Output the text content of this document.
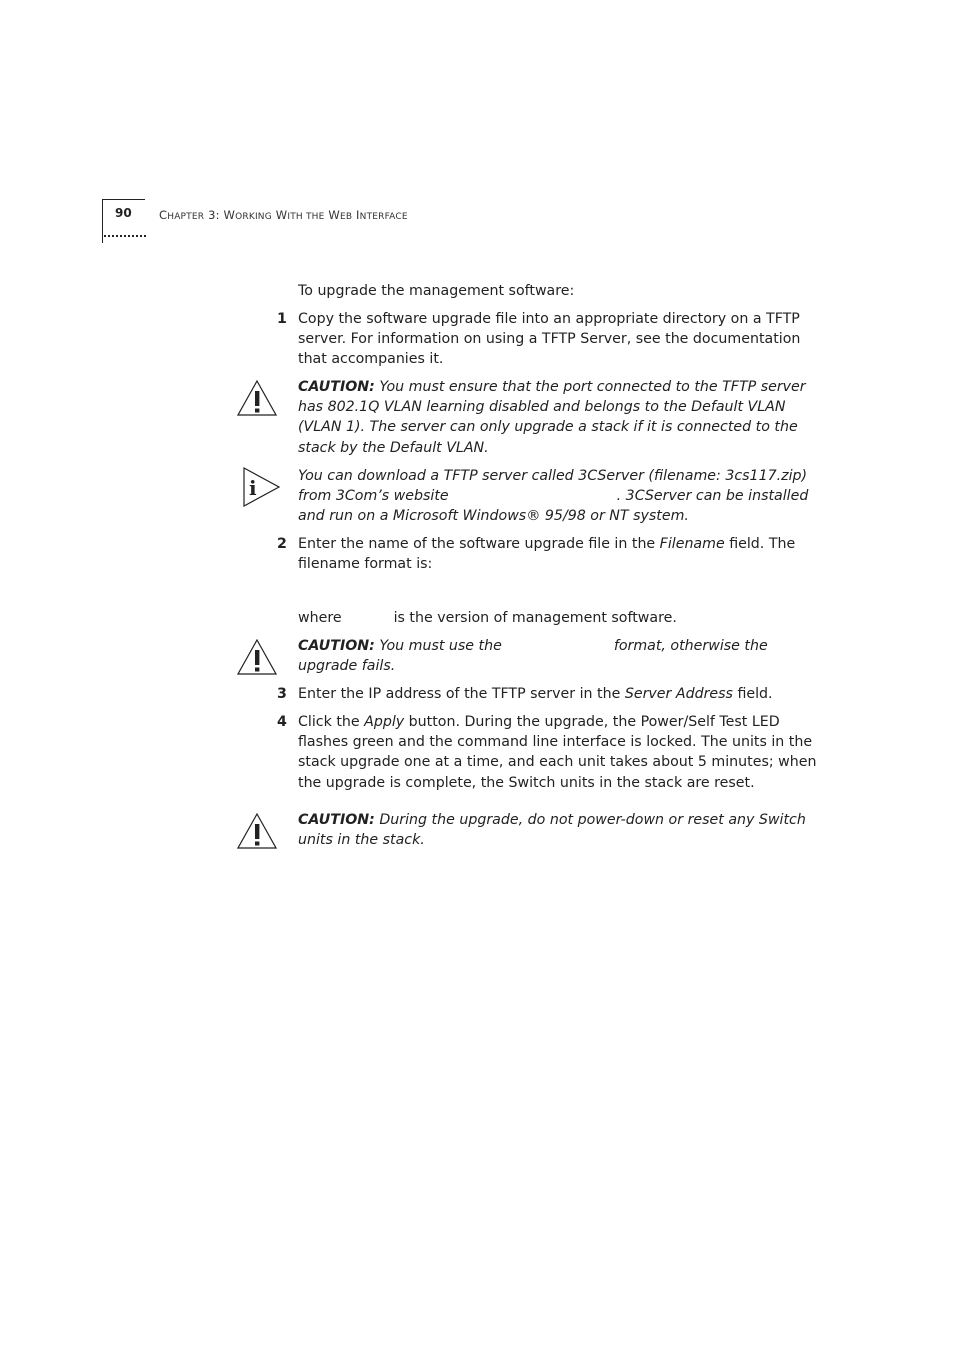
90 CHAPTER 3: WORKING WITH THE WEB INTERFACE
To upgrade the management software:
1 Copy the software upgrade file into an appropriate directory on a TFTP server. For information on using a TFTP Server, see the documentation that accompanies it.
CAUTION: You must ensure that the port connected to the TFTP server has 802.1Q VLAN learning disabled and belongs to the Default VLAN (VLAN 1). The server can only upgrade a stack if it is connected to the stack by the Default VLAN.
i	You can download a TFTP server called 3CServer (filename: 3cs117.zip) from 3Com’s website	. 3CServer can be installed and run on a Microsoft Windows® 95/98 or NT system.
2 Enter the name of the software upgrade file in the Filename field. The filename format is:
where	is the version of management software.
CAUTION: You must use the	format, otherwise the upgrade fails.
3 Enter the IP address of the TFTP server in the Server Address field.
4 Click the Apply button. During the upgrade, the Power/Self Test LED flashes green and the command line interface is locked. The units in the stack upgrade one at a time, and each unit takes about 5 minutes; when the upgrade is complete, the Switch units in the stack are reset.
CAUTION: During the upgrade, do not power-down or reset any Switch units in the stack.
